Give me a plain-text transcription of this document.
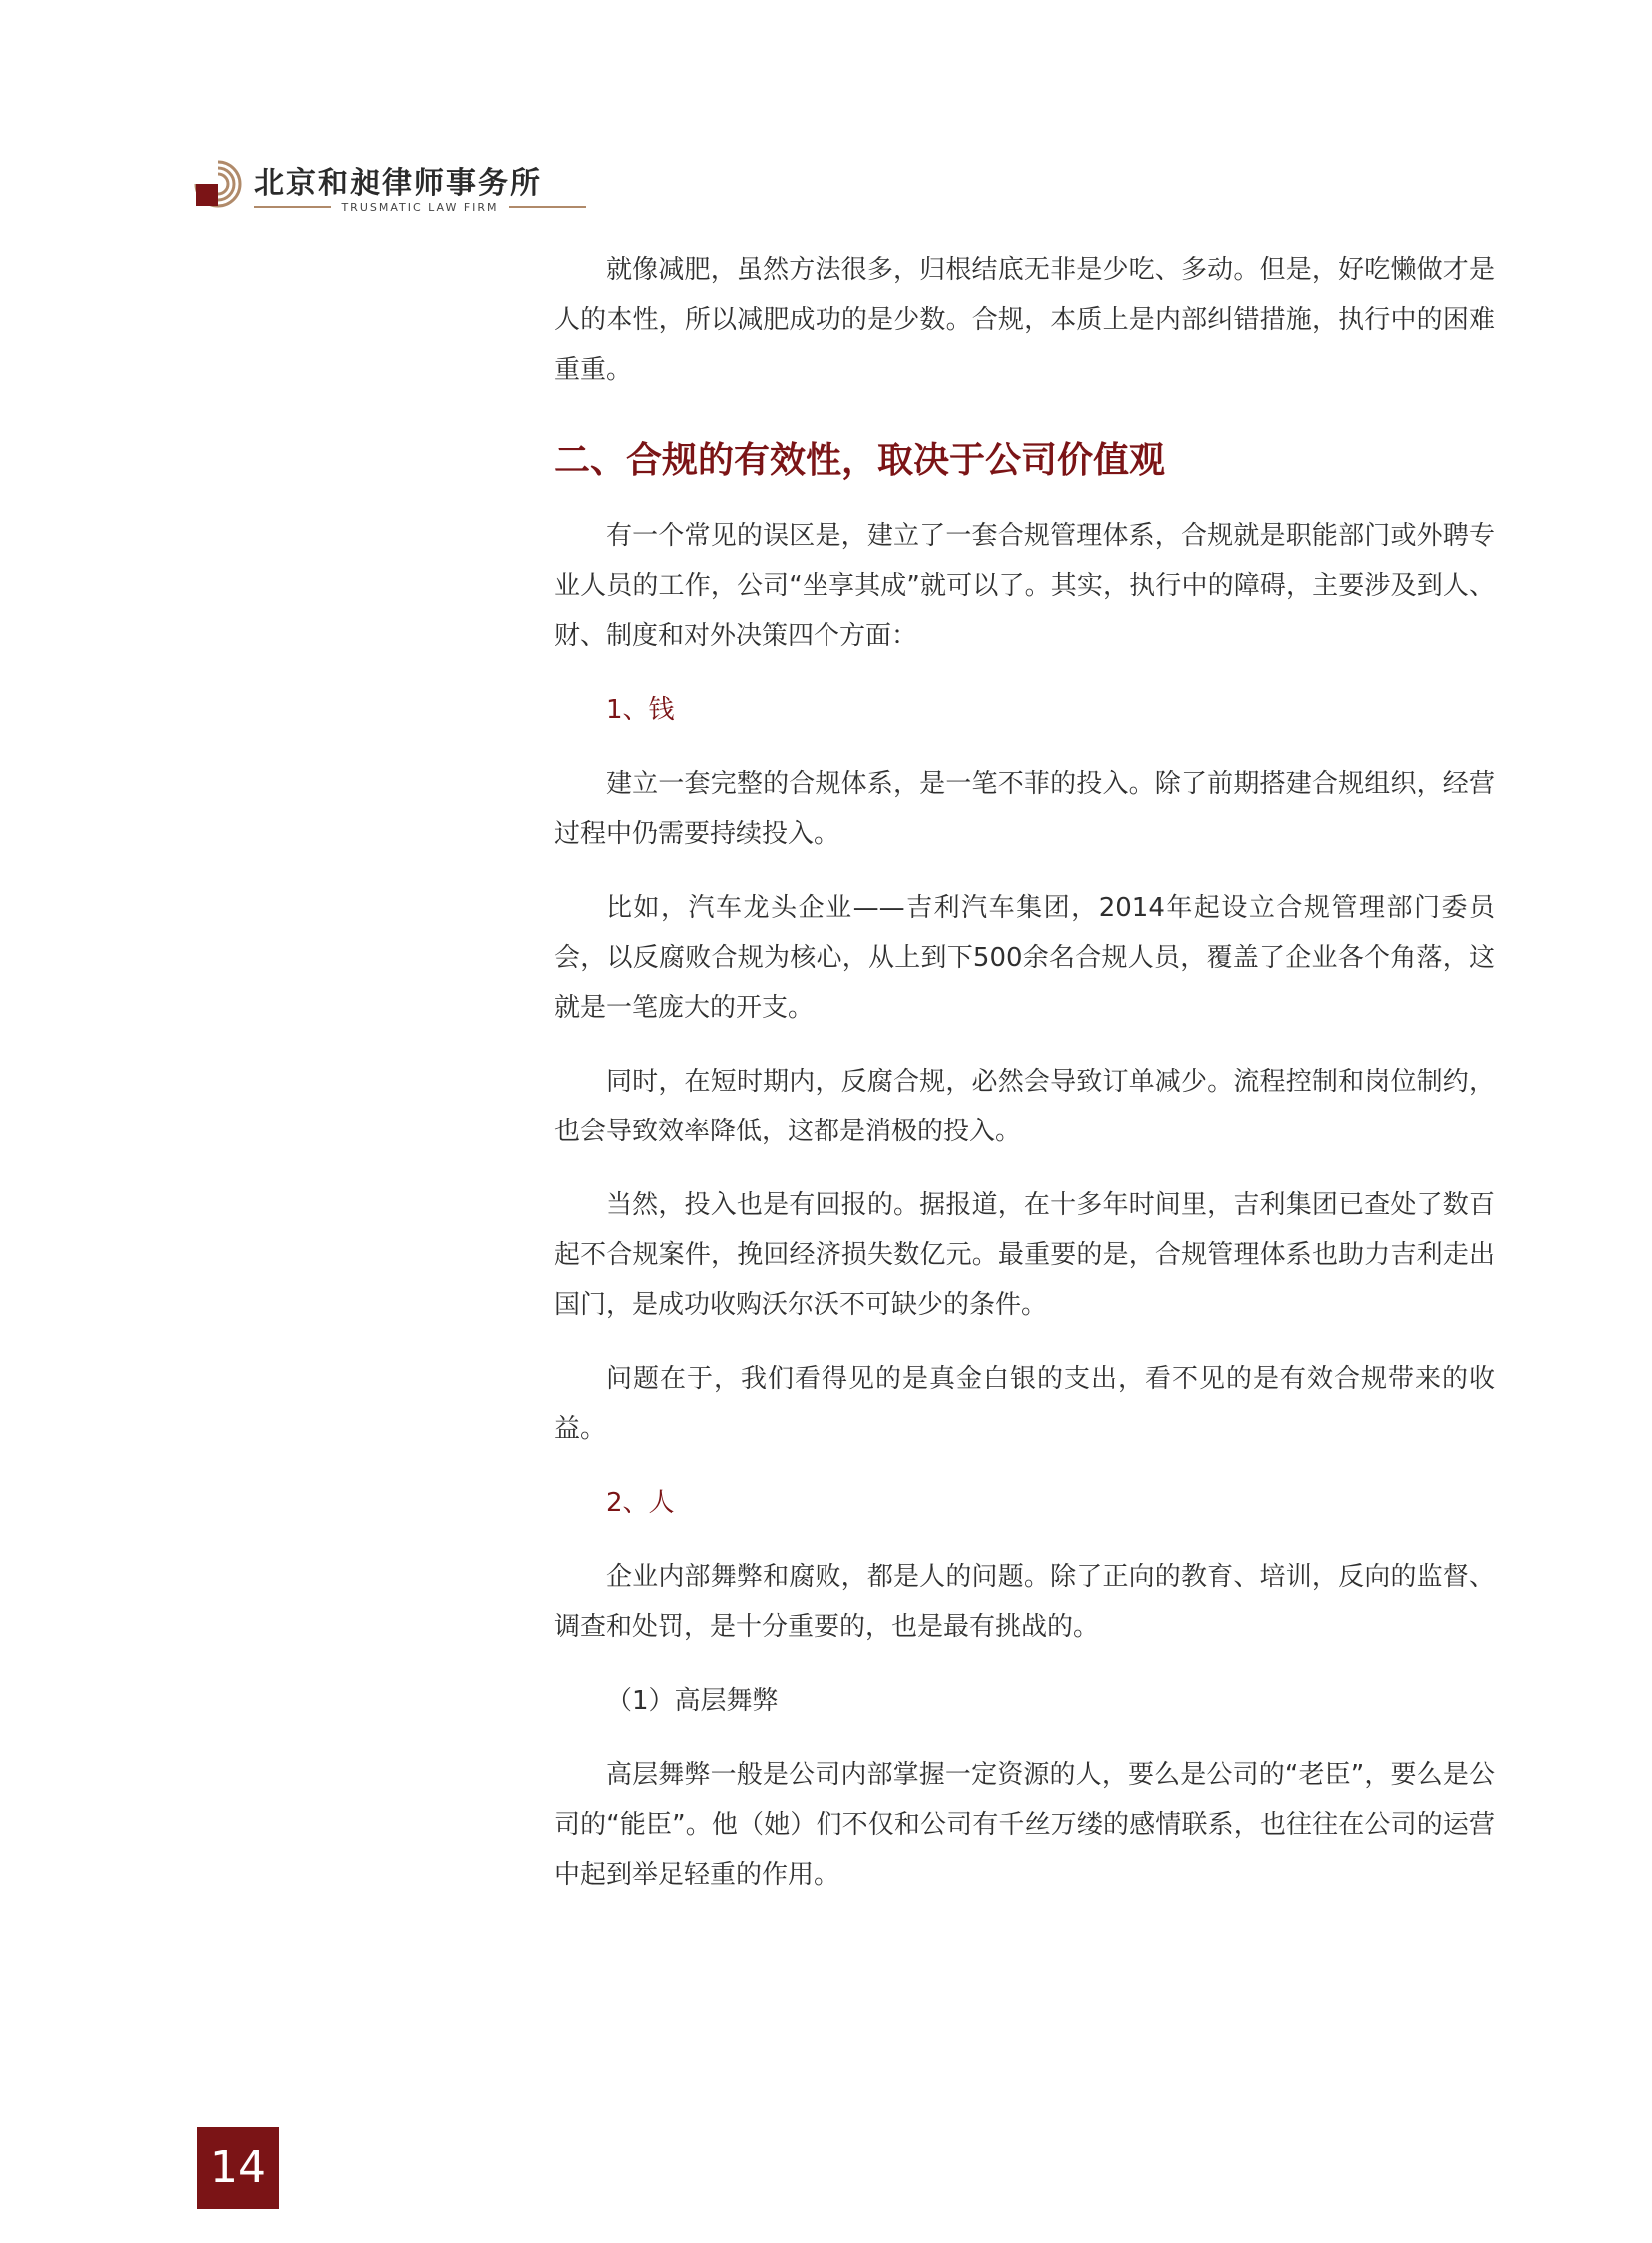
北京和昶律师事务所
TRUSMATIC LAW FIRM

就像减肥，虽然方法很多，归根结底无非是少吃、多动。但是，好吃懒做才是人的本性，所以减肥成功的是少数。合规，本质上是内部纠错措施，执行中的困难重重。

二、合规的有效性，取决于公司价值观

有一个常见的误区是，建立了一套合规管理体系，合规就是职能部门或外聘专业人员的工作，公司“坐享其成”就可以了。其实，执行中的障碍，主要涉及到人、财、制度和对外决策四个方面：

1、钱

建立一套完整的合规体系，是一笔不菲的投入。除了前期搭建合规组织，经营过程中仍需要持续投入。

比如，汽车龙头企业——吉利汽车集团，2014年起设立合规管理部门委员会，以反腐败合规为核心，从上到下500余名合规人员，覆盖了企业各个角落，这就是一笔庞大的开支。

同时，在短时期内，反腐合规，必然会导致订单减少。流程控制和岗位制约，也会导致效率降低，这都是消极的投入。

当然，投入也是有回报的。据报道，在十多年时间里，吉利集团已查处了数百起不合规案件，挽回经济损失数亿元。最重要的是，合规管理体系也助力吉利走出国门，是成功收购沃尔沃不可缺少的条件。

问题在于，我们看得见的是真金白银的支出，看不见的是有效合规带来的收益。

2、人

企业内部舞弊和腐败，都是人的问题。除了正向的教育、培训，反向的监督、调查和处罚，是十分重要的，也是最有挑战的。

（1）高层舞弊

高层舞弊一般是公司内部掌握一定资源的人，要么是公司的“老臣”，要么是公司的“能臣”。他（她）们不仅和公司有千丝万缕的感情联系，也往往在公司的运营中起到举足轻重的作用。

14
